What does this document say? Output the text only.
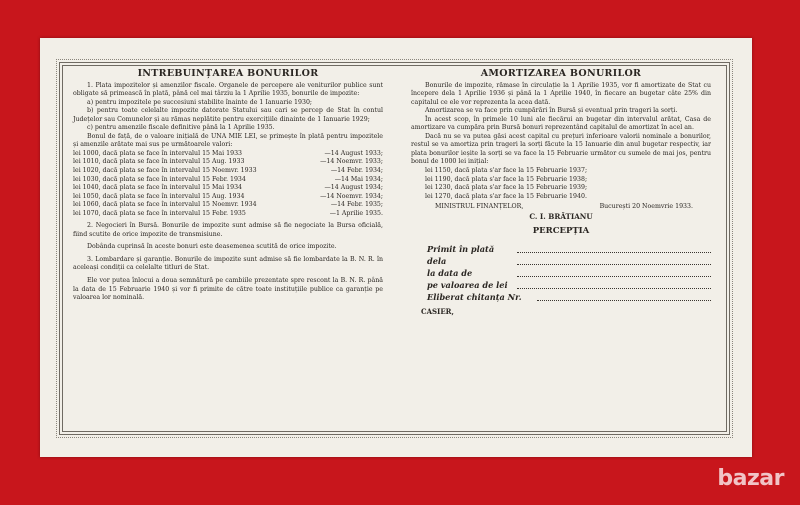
INTREBUINȚAREA BONURILOR

1. Plata impozitelor și amenzilor fiscale. Organele de percepere ale veniturilor publice sunt obligate să primească în plată, până cel mai târziu la 1 Aprilie 1935, bonurile de impozite:

a) pentru impozitele pe succesiuni stabilite înainte de 1 Ianuarie 1930;

b) pentru toate celelalte impozite datorate Statului sau cari se percep de Stat în contul Județelor sau Comunelor și au rămas neplătite pentru exercițiile dinainte de 1 Ianuarie 1929;

c) pentru amenzile fiscale definitive până la 1 Aprilie 1935.

Bonul de față, de o valoare inițială de UNA MIE LEI, se primește în plată pentru impozitele și amenzile arătate mai sus pe următoarele valori:

lei 1000, dacă plata se face în intervalul 15 Mai 1933	—14 August 1933;

lei 1010, dacă plata se face în intervalul 15 Aug. 1933	—14 Noemvr. 1933;

lei 1020, dacă plata se face în intervalul 15 Noemvr. 1933	—14 Febr. 1934;

lei 1030, dacă plata se face în intervalul 15 Febr. 1934	—14 Mai 1934;

lei 1040, dacă plata se face în intervalul 15 Mai 1934	—14 August 1934;

lei 1050, dacă plata se face în intervalul 15 Aug. 1934	—14 Noemvr. 1934;

lei 1060, dacă plata se face în intervalul 15 Noemvr. 1934	—14 Febr. 1935;

lei 1070, dacă plata se face în intervalul 15 Febr. 1935	—1 Aprilie 1935.

2. Negocieri în Bursă. Bonurile de impozite sunt admise să fie negociate la Bursa oficială, fiind scutite de orice impozite de transmisiune.

Dobânda cuprinsă în aceste bonuri este deasemenea scutită de orice impozite.

3. Lombardare și garanție. Bonurile de impozite sunt admise să fie lombardate la B. N. R. în aceleași condiții ca celelalte titluri de Stat.

Ele vor putea înlocui a doua semnătură pe cambiile prezentate spre rescont la B. N. R. până la data de 15 Februarie 1940 și vor fi primite de către toate instituțiile publice ca garanție pe valoarea lor nominală.

AMORTIZAREA BONURILOR

Bonurile de impozite, rămase în circulație la 1 Aprilie 1935, vor fi amortizate de Stat cu începere dela 1 Aprilie 1936 și până la 1 Aprilie 1940, în fiecare an bugetar câte 25% din capitalul ce ele vor reprezenta la acea dată.

Amortizarea se va face prin cumpărări în Bursă și eventual prin trageri la sorți.

În acest scop, în primele 10 luni ale fiecărui an bugetar din intervalul arătat, Casa de amortizare va cumpăra prin Bursă bonuri reprezentând capitalul de amortizat în acel an.

Dacă nu se va putea găsi acest capital cu prețuri inferioare valorii nominale a bonurilor, restul se va amortiza prin trageri la sorți făcute la 15 Ianuarie din anul bugetar respectiv, iar plata bonurilor ieșite la sorți se va face la 15 Februarie următor cu sumele de mai jos, pentru bonul de 1000 lei inițial:

lei 1150, dacă plata s'ar face la 15 Februarie 1937;

lei 1190, dacă plata s'ar face la 15 Februarie 1938;

lei 1230, dacă plata s'ar face la 15 Februarie 1939;

lei 1270, dacă plata s'ar face la 15 Februarie 1940.

MINISTRUL FINANȚELOR,	București 20 Noemvrie 1933.

C. I. BRĂTIANU

PERCEPȚIA
Primit în plată
dela
la data de
pe valoarea de lei
Eliberat chitanța Nr.

CASIER,

bazar
